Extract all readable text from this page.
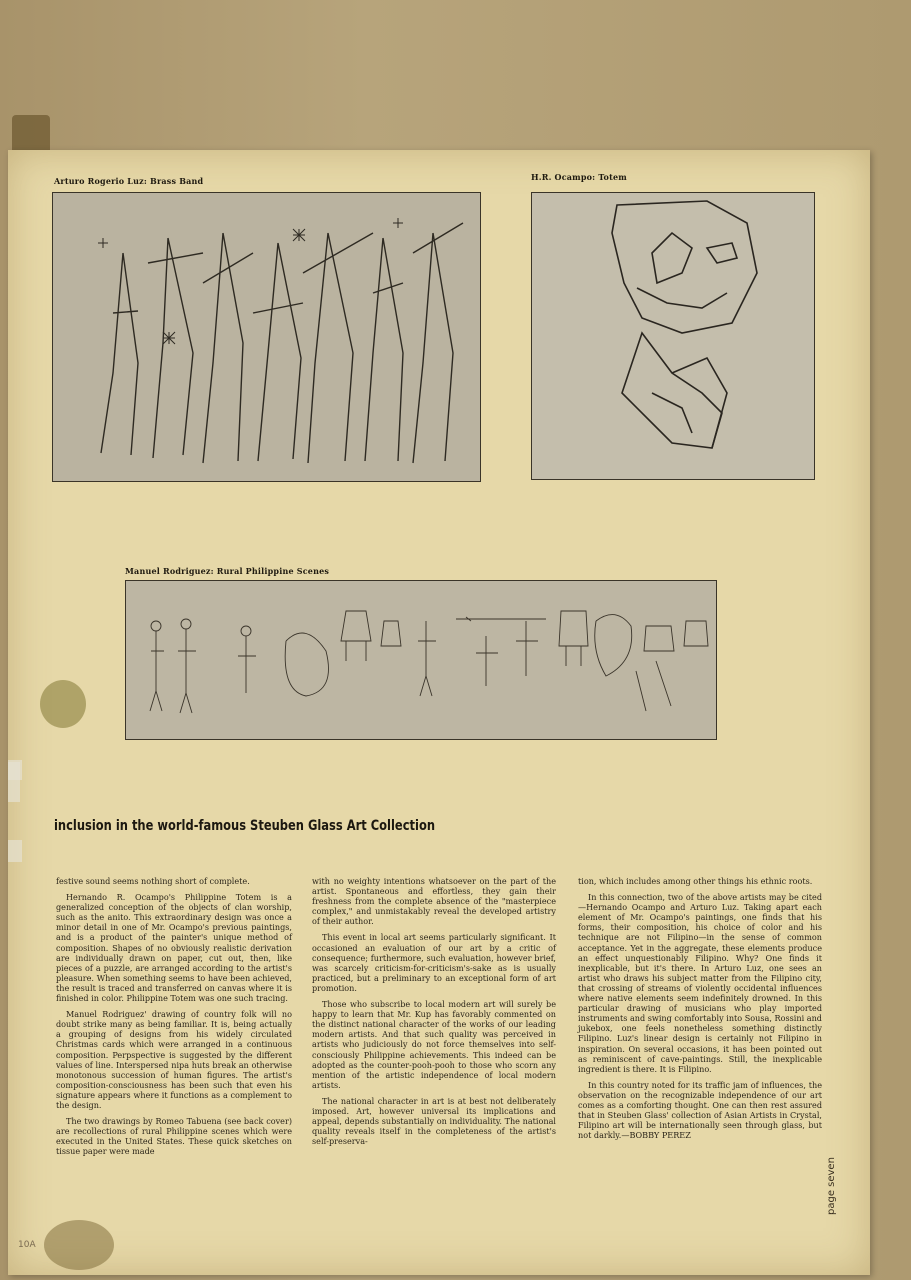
Arturo Rogerio Luz: Brass Band	H.R. Ocampo: Totem
Manuel Rodriguez: Rural Philippine Scenes
inclusion in the world-famous Steuben Glass Art Collection

festive sound seems nothing short of complete.

Hernando R. Ocampo's Philippine Totem is a generalized conception of the objects of clan worship, such as the anito. This extraordinary design was once a minor detail in one of Mr. Ocampo's previous paintings, and is a product of the painter's unique method of composition. Shapes of no obviously realistic derivation are individually drawn on paper, cut out, then, like pieces of a puzzle, are arranged according to the artist's pleasure. When something seems to have been achieved, the result is traced and transferred on canvas where it is finished in color. Philippine Totem was one such tracing.

Manuel Rodriguez' drawing of country folk will no doubt strike many as being familiar. It is, being actually a grouping of designs from his widely circulated Christmas cards which were arranged in a continuous composition. Perpspective is suggested by the different values of line. Interspersed nipa huts break an otherwise monotonous succession of human figures. The artist's composition-consciousness has been such that even his signature appears where it functions as a complement to the design.

The two drawings by Romeo Tabuena (see back cover) are recollections of rural Philippine scenes which were executed in the United States. These quick sketches on tissue paper were made

with no weighty intentions whatsoever on the part of the artist. Spontaneous and effortless, they gain their freshness from the complete absence of the "masterpiece complex," and unmistakably reveal the developed artistry of their author.

This event in local art seems particularly significant. It occasioned an evaluation of our art by a critic of consequence; furthermore, such evaluation, however brief, was scarcely criticism-for-criticism's-sake as is usually practiced, but a preliminary to an exceptional form of art promotion.

Those who subscribe to local modern art will surely be happy to learn that Mr. Kup has favorably commented on the distinct national character of the works of our leading modern artists. And that such quality was perceived in artists who judiciously do not force themselves into self-consciously Philippine achievements. This indeed can be adopted as the counter-pooh-pooh to those who scorn any mention of the artistic independence of local modern artists.

The national character in art is at best not deliberately imposed. Art, however universal its implications and appeal, depends substantially on individuality. The national quality reveals itself in the completeness of the artist's self-preserva-

tion, which includes among other things his ethnic roots.

In this connection, two of the above artists may be cited—Hernando Ocampo and Arturo Luz. Taking apart each element of Mr. Ocampo's paintings, one finds that his forms, their composition, his choice of color and his technique are not Filipino—in the sense of common acceptance. Yet in the aggregate, these elements produce an effect unquestionably Filipino. Why? One finds it inexplicable, but it's there. In Arturo Luz, one sees an artist who draws his subject matter from the Filipino city, that crossing of streams of violently occidental influences where native elements seem indefinitely drowned. In this particular drawing of musicians who play imported instruments and swing comfortably into Sousa, Rossini and jukebox, one feels nonetheless something distinctly Filipino. Luz's linear design is certainly not Filipino in inspiration. On several occasions, it has been pointed out as reminiscent of cave-paintings. Still, the inexplicable ingredient is there. It is Filipino.

In this country noted for its traffic jam of influences, the observation on the recognizable independence of our art comes as a comforting thought. One can then rest assured that in Steuben Glass' collection of Asian Artists in Crystal, Filipino art will be internationally seen through glass, but not darkly.—BOBBY PEREZ

page seven
10A
